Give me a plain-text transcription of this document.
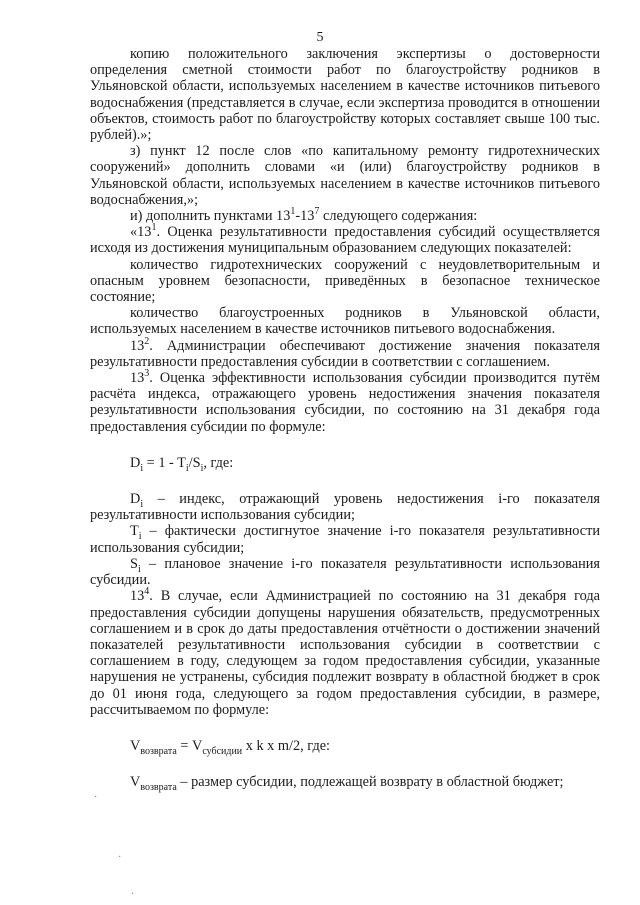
5

копию положительного заключения экспертизы о достоверности определения сметной стоимости работ по благоустройству родников в Ульяновской области, используемых населением в качестве источников питьевого водоснабжения (представляется в случае, если экспертиза проводится в отношении объектов, стоимость работ по благоустройству которых составляет свыше 100 тыс. рублей).»;

з) пункт 12 после слов «по капитальному ремонту гидротехнических сооружений» дополнить словами «и (или) благоустройству родников в Ульяновской области, используемых населением в качестве источников питьевого водоснабжения,»;

и) дополнить пунктами $13^1-13^7$ следующего содержания:

«$13^1$. Оценка результативности предоставления субсидий осуществляется исходя из достижения муниципальным образованием следующих показателей:

количество гидротехнических сооружений с неудовлетворительным и опасным уровнем безопасности, приведённых в безопасное техническое состояние;

количество благоустроенных родников в Ульяновской области, используемых населением в качестве источников питьевого водоснабжения.

$13^2$. Администрации обеспечивают достижение значения показателя результативности предоставления субсидии в соответствии с соглашением.

$13^3$. Оценка эффективности использования субсидии производится путём расчёта индекса, отражающего уровень недостижения значения показателя результативности использования субсидии, по состоянию на 31 декабря года предоставления субсидии по формуле:

$D_i = 1 - T_i/S_i$, где:

$D_i$ – индекс, отражающий уровень недостижения i-го показателя результативности использования субсидии;

$T_i$ – фактически достигнутое значение i-го показателя результативности использования субсидии;

$S_i$ – плановое значение i-го показателя результативности использования субсидии.

$13^4$. В случае, если Администрацией по состоянию на 31 декабря года предоставления субсидии допущены нарушения обязательств, предусмотренных соглашением и в срок до даты предоставления отчётности о достижении значений показателей результативности использования субсидии в соответствии с соглашением в году, следующем за годом предоставления субсидии, указанные нарушения не устранены, субсидия подлежит возврату в областной бюджет в срок до 01 июня года, следующего за годом предоставления субсидии, в размере, рассчитываемом по формуле:

$V_{возврата} = V_{субсидии}$ x k x m/2, где:

$V_{возврата}$ – размер субсидии, подлежащей возврату в областной бюджет;

·
·
·
